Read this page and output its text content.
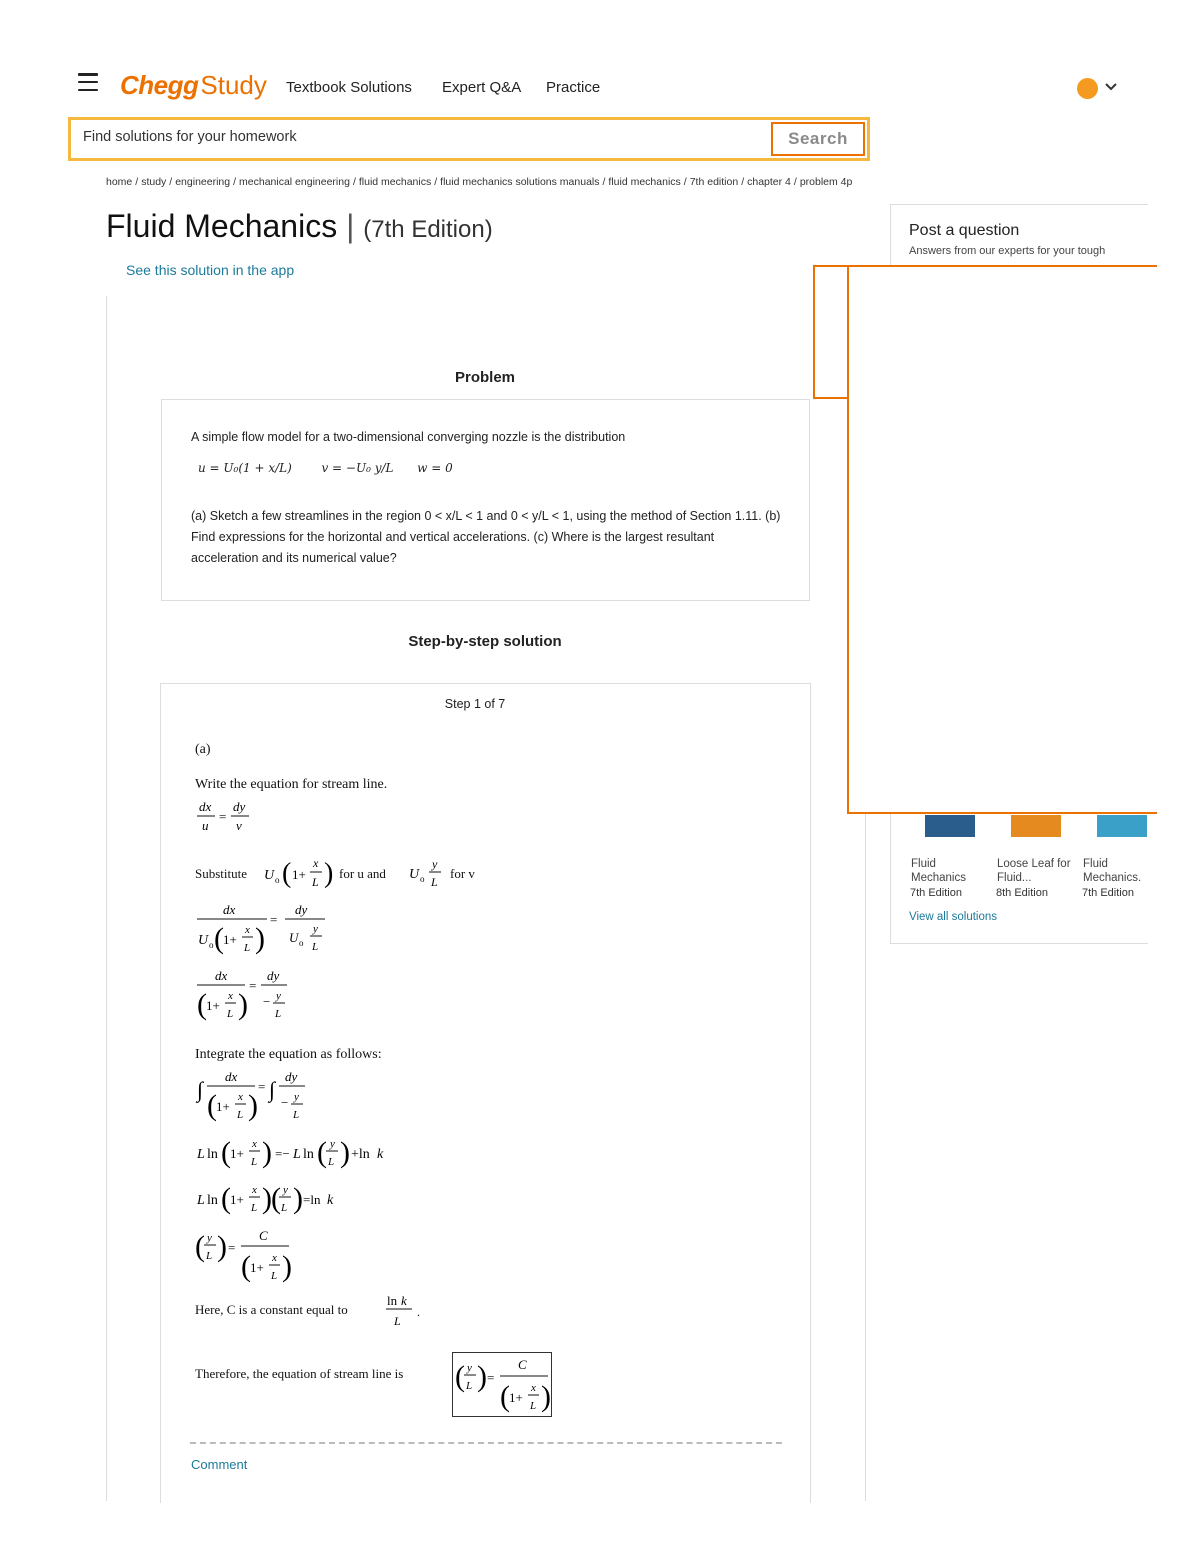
CheggStudy Textbook Solutions Expert Q&A Practice
Find solutions for your homework
Search
home / study / engineering / mechanical engineering / fluid mechanics / fluid mechanics solutions manuals / fluid mechanics / 7th edition / chapter 4 / problem 4p
Fluid Mechanics | (7th Edition)
See this solution in the app
Problem
A simple flow model for a two-dimensional converging nozzle is the distribution
u = U₀(1 + x/L) v = −U₀ y/L w = 0
(a) Sketch a few streamlines in the region 0 < x/L < 1 and 0 < y/L < 1, using the method of Section 1.11. (b) Find expressions for the horizontal and vertical accelerations. (c) Where is the largest resultant acceleration and its numerical value?
Step-by-step solution
Step 1 of 7
(a)
Write the equation for stream line.
dx
u
=
dy
v
Substitute U o ( 1+
x
L ) for u and U o
y
L
for v
dx
U o ( 1+
x
L )
=
dy
U o
y
L
dx
( 1+
x
L )
=
dy
− y
L
Integrate the equation as follows:
∫
dx
( 1+
x
L )
= ∫
dy
− y
L
L ln ( 1+
x
L ) =− L ln ( y
L ) +ln k
L ln ( 1+
x
L ) ( y
L ) =ln k
( y
L ) =
C
( 1+
x
L )
Here, C is a constant equal to
ln k
L
.
Therefore, the equation of stream line is ( y
L ) =
C
( 1+
x
L )
Comment
Post a question
Answers from our experts for your tough
Fluid Mechanics
Loose Leaf for Fluid...
Fluid Mechanics.
7th Edition	8th Edition	7th Edition
View all solutions
